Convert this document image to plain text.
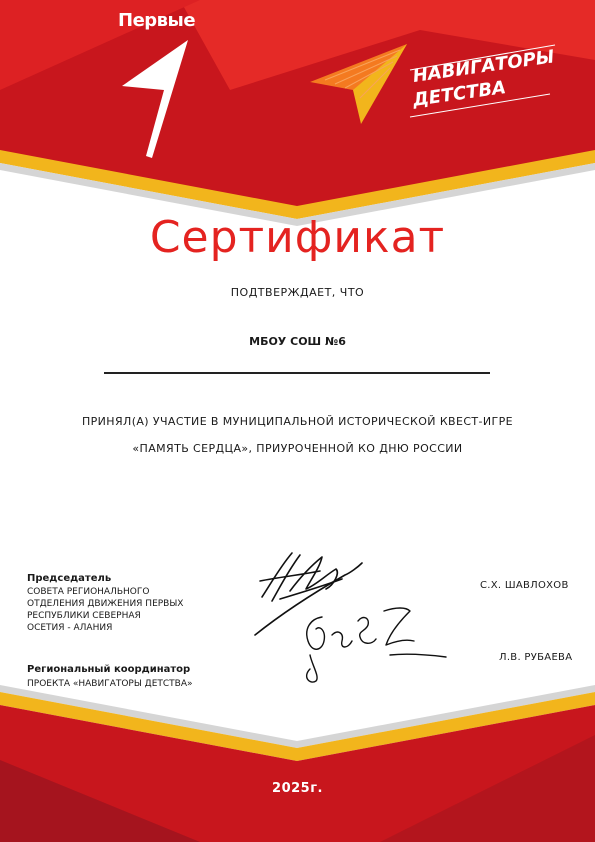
Первые
НАВИГАТОРЫ
ДЕТСТВА
Сертификат
ПОДТВЕРЖДАЕТ, ЧТО
МБОУ СОШ №6
ПРИНЯЛ(А) УЧАСТИЕ В МУНИЦИПАЛЬНОЙ ИСТОРИЧЕСКОЙ КВЕСТ-ИГРЕ
«ПАМЯТЬ СЕРДЦА», ПРИУРОЧЕННОЙ КО ДНЮ РОССИИ
Председатель
СОВЕТА РЕГИОНАЛЬНОГО
ОТДЕЛЕНИЯ ДВИЖЕНИЯ ПЕРВЫХ
РЕСПУБЛИКИ СЕВЕРНАЯ
ОСЕТИЯ - АЛАНИЯ
С.Х. ШАВЛОХОВ
Региональный координатор
ПРОЕКТА «НАВИГАТОРЫ ДЕТСТВА»
Л.В. РУБАЕВА
2025г.
